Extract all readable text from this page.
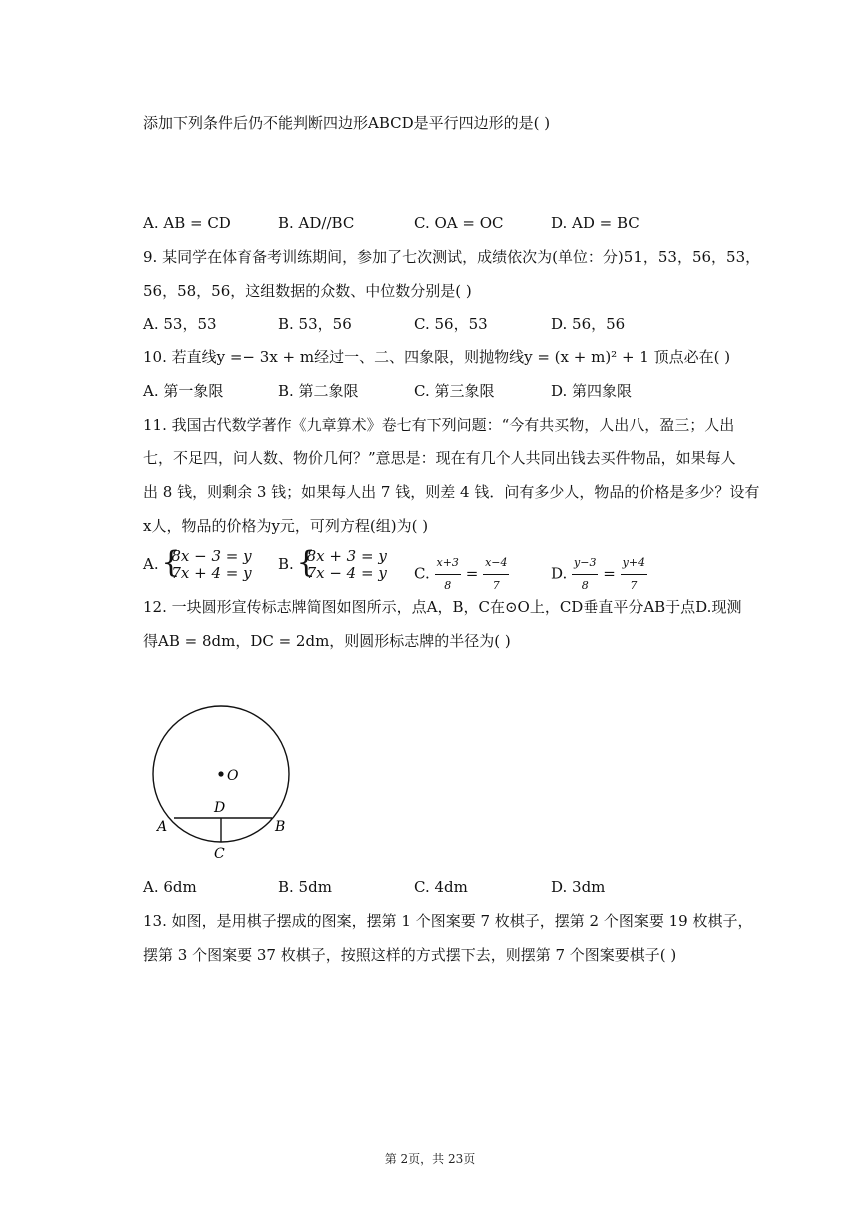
添加下列条件后仍不能判断四边形ABCD是平行四边形的是( )
A. AB = CD	B. AD//BC	C. OA = OC	D. AD = BC
9. 某同学在体育备考训练期间，参加了七次测试，成绩依次为(单位：分)51，53，56，53，
56，58，56，这组数据的众数、中位数分别是( )
A. 53，53	B. 53，56	C. 56，53	D. 56，56
10. 若直线y =− 3x + m经过一、二、四象限，则抛物线y = (x + m)² + 1 顶点必在( )
A. 第一象限	B. 第二象限	C. 第三象限	D. 第四象限
11. 我国古代数学著作《九章算术》卷七有下列问题：“今有共买物，人出八，盈三；人出
七，不足四，问人数、物价几何？”意思是：现在有几个人共同出钱去买件物品，如果每人
出 8 钱，则剩余 3 钱；如果每人出 7 钱，则差 4 钱．问有多少人，物品的价格是多少？设有
x人，物品的价格为y元，可列方程(组)为( )
A. {
8x − 3 = y
7x + 4 = y B. {
8x + 3 = y
7x − 4 = y C. $\frac{x+3}{8} = \frac{x-4}{7}$	D. $\frac{y-3}{8} = \frac{y+4}{7}$
12. 一块圆形宣传标志牌简图如图所示，点A，B，C在⊙O上，CD垂直平分AB于点D.现测
得AB = 8dm，DC = 2dm，则圆形标志牌的半径为( )
O
D
A	B
C
A. 6dm	B. 5dm	C. 4dm	D. 3dm
13. 如图，是用棋子摆成的图案，摆第 1 个图案要 7 枚棋子，摆第 2 个图案要 19 枚棋子，
摆第 3 个图案要 37 枚棋子，按照这样的方式摆下去，则摆第 7 个图案要棋子( )
第 2页，共 23页
